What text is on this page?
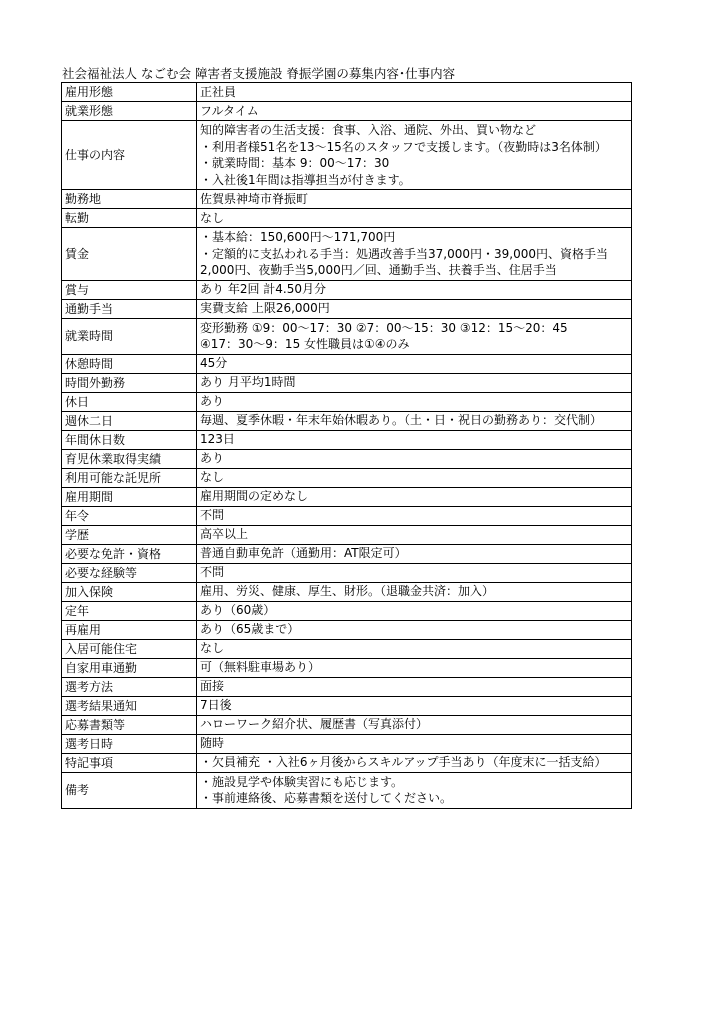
社会福祉法人 なごむ会 障害者支援施設 脊振学園の募集内容･仕事内容
雇用形態	正社員

就業形態	フルタイム

仕事の内容	知的障害者の生活支援：食事、入浴、通院、外出、買い物など
・利用者様51名を13～15名のスタッフで支援します。（夜勤時は3名体制）
・就業時間：基本 9：00～17：30
・入社後1年間は指導担当が付きます。

勤務地	佐賀県神埼市脊振町

転勤	なし

賃金	・基本給：150,600円～171,700円
・定額的に支払われる手当：処遇改善手当37,000円・39,000円、資格手当
2,000円、夜勤手当5,000円／回、通勤手当、扶養手当、住居手当

賞与	あり 年2回 計4.50月分

通勤手当	実費支給 上限26,000円

就業時間	変形勤務 ①9：00～17：30 ②7：00～15：30 ③12：15～20：45
④17：30～9：15 女性職員は①④のみ

休憩時間	45分

時間外勤務	あり 月平均1時間

休日	あり

週休二日	毎週、夏季休暇・年末年始休暇あり。（土・日・祝日の勤務あり：交代制）

年間休日数	123日

育児休業取得実績	あり

利用可能な託児所	なし

雇用期間	雇用期間の定めなし

年令	不問

学歴	高卒以上

必要な免許・資格	普通自動車免許（通勤用：AT限定可）

必要な経験等	不問

加入保険	雇用、労災、健康、厚生、財形。（退職金共済：加入）

定年	あり（60歳）

再雇用	あり（65歳まで）

入居可能住宅	なし

自家用車通勤	可（無料駐車場あり）

選考方法	面接

選考結果通知	7日後

応募書類等	ハローワーク紹介状、履歴書（写真添付）

選考日時	随時

特記事項	・欠員補充 ・入社6ヶ月後からスキルアップ手当あり（年度末に一括支給）

備考	・施設見学や体験実習にも応じます。
・事前連絡後、応募書類を送付してください。
